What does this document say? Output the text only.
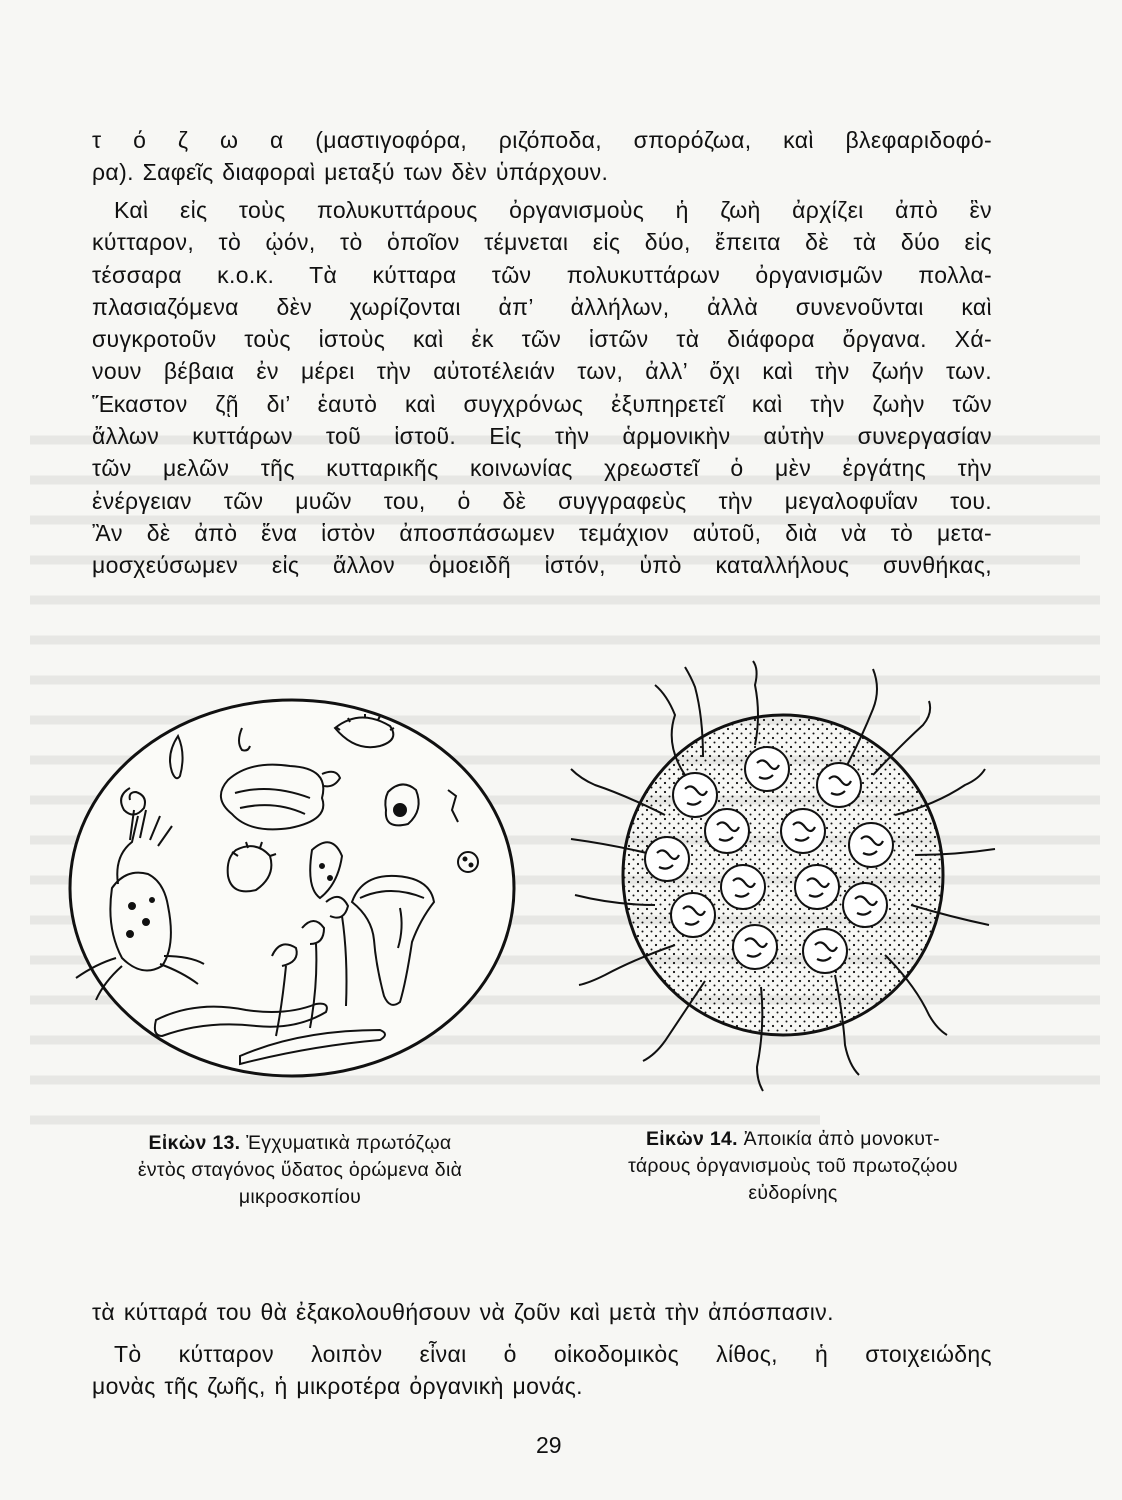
τ ό ζ ω α (μαστιγοφόρα, ριζόποδα, σπορόζωα, καὶ βλεφαριδοφό-
ρα). Σαφεῖς διαφοραὶ μεταξύ των δὲν ὑπάρχουν.
Καὶ εἰς τοὺς πολυκυττάρους ὀργανισμοὺς ἡ ζωὴ ἀρχίζει ἀπὸ ἓν
κύτταρον, τὸ ᾠόν, τὸ ὁποῖον τέμνεται εἰς δύο, ἔπειτα δὲ τὰ δύο εἰς
τέσσαρα κ.ο.κ. Τὰ κύτταρα τῶν πολυκυττάρων ὀργανισμῶν πολλα-
πλασιαζόμενα δὲν χωρίζονται ἀπ’ ἀλλήλων, ἀλλὰ συνενοῦνται καὶ
συγκροτοῦν τοὺς ἱστοὺς καὶ ἐκ τῶν ἱστῶν τὰ διάφορα ὄργανα. Χά-
νουν βέβαια ἐν μέρει τὴν αὐτοτέλειάν των, ἀλλ’ ὄχι καὶ τὴν ζωήν των.
Ἕκαστον ζῇ δι’ ἑαυτὸ καὶ συγχρόνως ἐξυπηρετεῖ καὶ τὴν ζωὴν τῶν
ἄλλων κυττάρων τοῦ ἱστοῦ. Εἰς τὴν ἁρμονικὴν αὐτὴν συνεργασίαν
τῶν μελῶν τῆς κυτταρικῆς κοινωνίας χρεωστεῖ ὁ μὲν ἐργάτης τὴν
ἐνέργειαν τῶν μυῶν του, ὁ δὲ συγγραφεὺς τὴν μεγαλοφυΐαν του.
Ἂν δὲ ἀπὸ ἕνα ἱστὸν ἀποσπάσωμεν τεμάχιον αὐτοῦ, διὰ νὰ τὸ μετα-
μοσχεύσωμεν εἰς ἄλλον ὁμοειδῆ ἱστόν, ὑπὸ καταλλήλους συνθήκας,
Εἰκὼν 13. Ἐγχυματικὰ πρωτόζῳα
ἐντὸς σταγόνος ὕδατος ὁρώμενα διὰ
μικροσκοπίου
Εἰκὼν 14. Ἀποικία ἀπὸ μονοκυτ-
τάρους ὀργανισμοὺς τοῦ πρωτοζῴου
εὐδορίνης
τὰ κύτταρά του θὰ ἐξακολουθήσουν νὰ ζοῦν καὶ μετὰ τὴν ἀπόσπασιν.
Τὸ κύτταρον λοιπὸν εἶναι ὁ οἰκοδομικὸς λίθος, ἡ στοιχειώδης
μονὰς τῆς ζωῆς, ἡ μικροτέρα ὀργανικὴ μονάς.
29
